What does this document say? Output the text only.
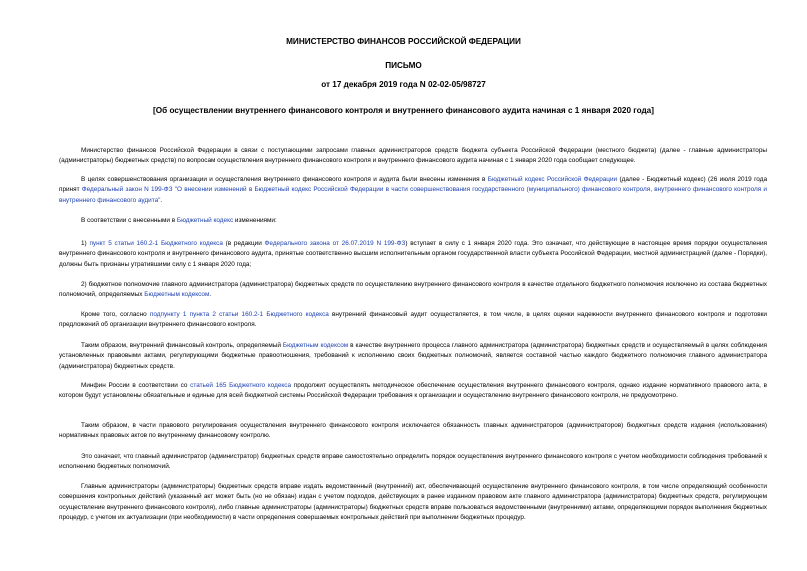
МИНИСТЕРСТВО ФИНАНСОВ РОССИЙСКОЙ ФЕДЕРАЦИИ
ПИСЬМО
от 17 декабря 2019 года N 02-02-05/98727
[Об осуществлении внутреннего финансового контроля и внутреннего финансового аудита начиная с 1 января 2020 года]
Министерство финансов Российской Федерации в связи с поступающими запросами главных администраторов средств бюджета субъекта Российской Федерации (местного бюджета) (далее - главные администраторы (администраторы) бюджетных средств) по вопросам осуществления внутреннего финансового контроля и внутреннего финансового аудита начиная с 1 января 2020 года сообщает следующее.
В целях совершенствования организации и осуществления внутреннего финансового контроля и аудита были внесены изменения в Бюджетный кодекс Российской Федерации (далее - Бюджетный кодекс) (26 июля 2019 года принят Федеральный закон N 199-ФЗ "О внесении изменений в Бюджетный кодекс Российской Федерации в части совершенствования государственного (муниципального) финансового контроля, внутреннего финансового контроля и внутреннего финансового аудита".
В соответствии с внесенными в Бюджетный кодекс изменениями:
1) пункт 5 статьи 160.2-1 Бюджетного кодекса (в редакции Федерального закона от 26.07.2019 N 199-ФЗ) вступает в силу с 1 января 2020 года. Это означает, что действующие в настоящее время порядки осуществления внутреннего финансового контроля и внутреннего финансового аудита, принятые соответственно высшим исполнительным органом государственной власти субъекта Российской Федерации, местной администрацией (далее - Порядки), должны быть признаны утратившими силу с 1 января 2020 года;
2) бюджетное полномочие главного администратора (администратора) бюджетных средств по осуществлению внутреннего финансового контроля в качестве отдельного бюджетного полномочия исключено из состава бюджетных полномочий, определяемых Бюджетным кодексом.
Кроме того, согласно подпункту 1 пункта 2 статьи 160.2-1 Бюджетного кодекса внутренний финансовый аудит осуществляется, в том числе, в целях оценки надежности внутреннего финансового контроля и подготовки предложений об организации внутреннего финансового контроля.
Таким образом, внутренний финансовый контроль, определяемый Бюджетным кодексом в качестве внутреннего процесса главного администратора (администратора) бюджетных средств и осуществляемый в целях соблюдения установленных правовыми актами, регулирующими бюджетные правоотношения, требований к исполнению своих бюджетных полномочий, является составной частью каждого бюджетного полномочия главного администратора (администратора) бюджетных средств.
Минфин России в соответствии со статьей 165 Бюджетного кодекса продолжит осуществлять методическое обеспечение осуществления внутреннего финансового контроля, однако издание нормативного правового акта, в котором будут установлены обязательные и единые для всей бюджетной системы Российской Федерации требования к организации и осуществлению внутреннего финансового контроля, не предусмотрено.
Таким образом, в части правового регулирования осуществления внутреннего финансового контроля исключается обязанность главных администраторов (администраторов) бюджетных средств издания (использования) нормативных правовых актов по внутреннему финансовому контролю.
Это означает, что главный администратор (администратор) бюджетных средств вправе самостоятельно определить порядок осуществления внутреннего финансового контроля с учетом необходимости соблюдения требований к исполнению бюджетных полномочий.
Главные администраторы (администраторы) бюджетных средств вправе издать ведомственный (внутренний) акт, обеспечивающий осуществление внутреннего финансового контроля, в том числе определяющий особенности совершения контрольных действий (указанный акт может быть (но не обязан) издан с учетом подходов, действующих в ранее изданном правовом акте главного администратора (администратора) бюджетных средств, регулирующем осуществление внутреннего финансового контроля), либо главные администраторы (администраторы) бюджетных средств вправе пользоваться ведомственными (внутренними) актами, определяющими порядок выполнения бюджетных процедур, с учетом их актуализации (при необходимости) в части определения совершаемых контрольных действий при выполнении бюджетных процедур.
